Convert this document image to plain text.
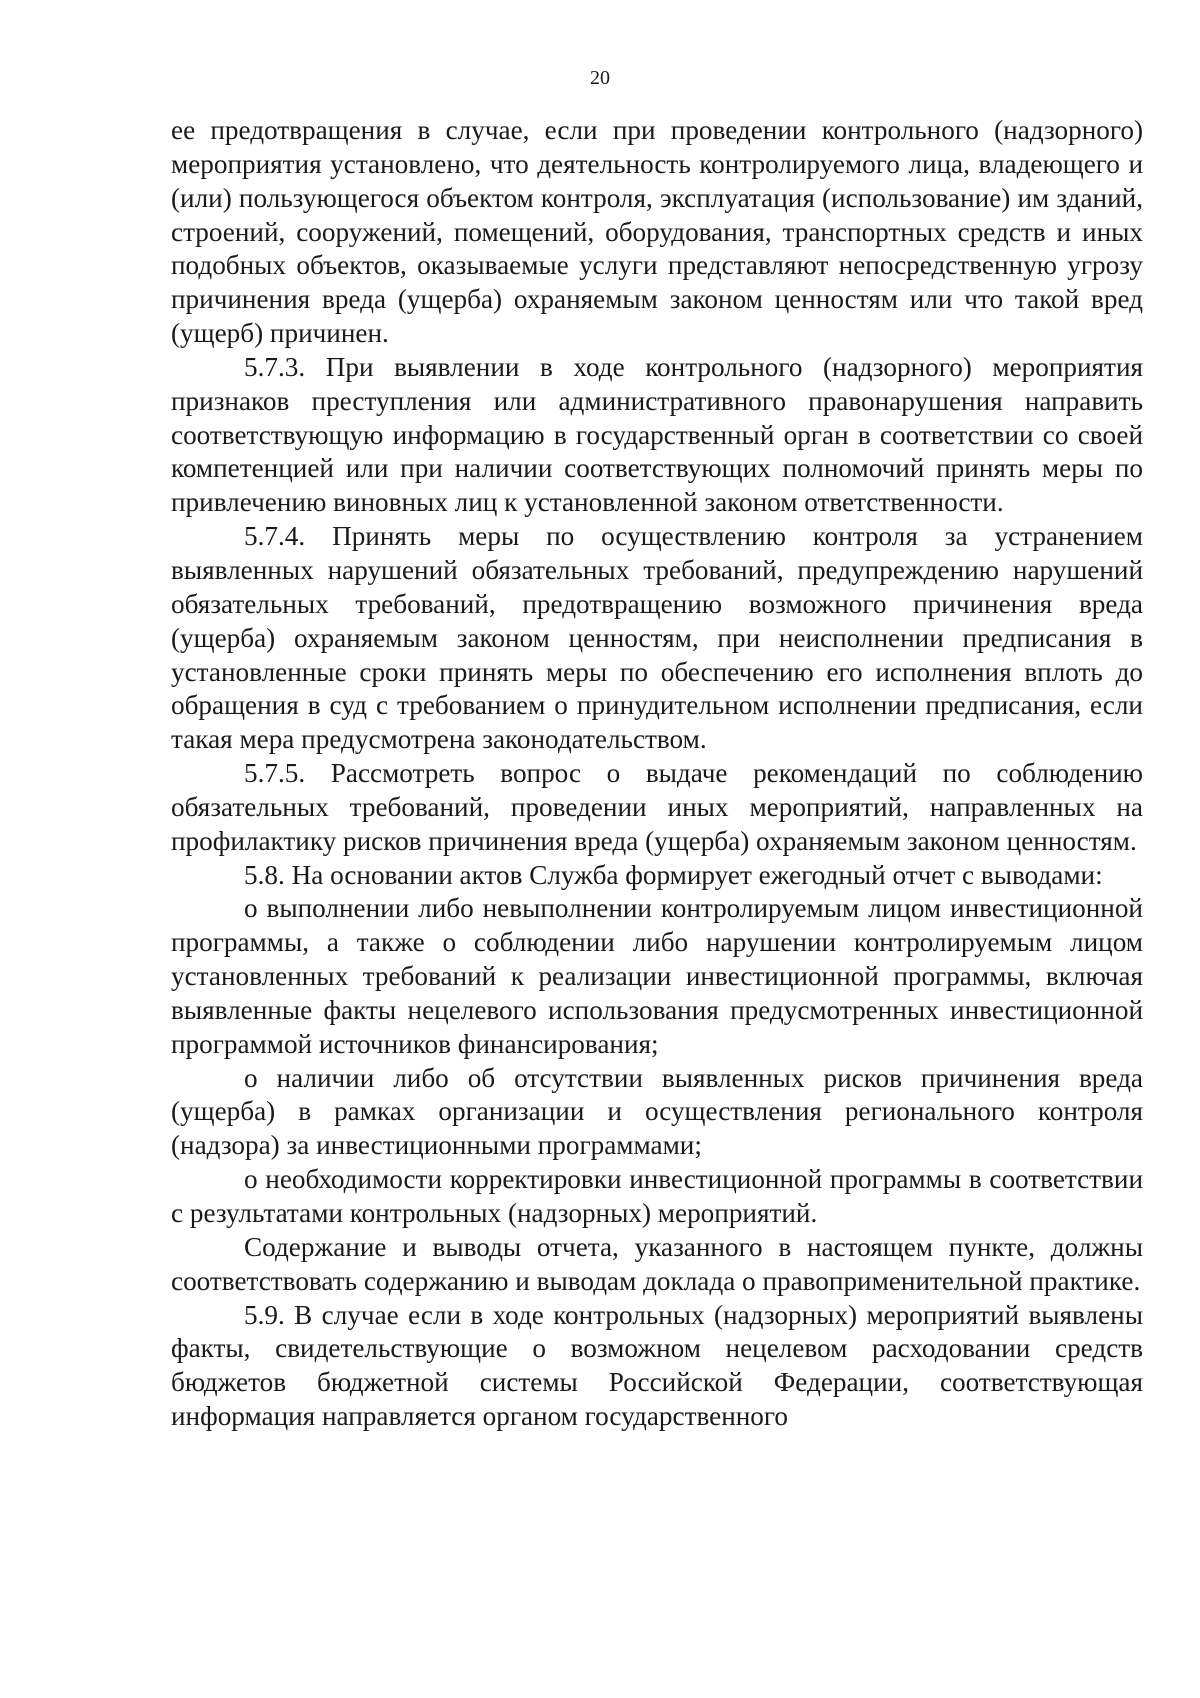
20

ее предотвращения в случае, если при проведении контрольного (надзорного) мероприятия установлено, что деятельность контролируемого лица, владеющего и (или) пользующегося объектом контроля, эксплуатация (использование) им зданий, строений, сооружений, помещений, оборудования, транспортных средств и иных подобных объектов, оказываемые услуги представляют непосредственную угрозу причинения вреда (ущерба) охраняемым законом ценностям или что такой вред (ущерб) причинен.

5.7.3. При выявлении в ходе контрольного (надзорного) мероприятия признаков преступления или административного правонарушения направить соответствующую информацию в государственный орган в соответствии со своей компетенцией или при наличии соответствующих полномочий принять меры по привлечению виновных лиц к установленной законом ответственности.

5.7.4. Принять меры по осуществлению контроля за устранением выявленных нарушений обязательных требований, предупреждению нарушений обязательных требований, предотвращению возможного причинения вреда (ущерба) охраняемым законом ценностям, при неисполнении предписания в установленные сроки принять меры по обеспечению его исполнения вплоть до обращения в суд с требованием о принудительном исполнении предписания, если такая мера предусмотрена законодательством.

5.7.5. Рассмотреть вопрос о выдаче рекомендаций по соблюдению обязательных требований, проведении иных мероприятий, направленных на профилактику рисков причинения вреда (ущерба) охраняемым законом ценностям.

5.8. На основании актов Служба формирует ежегодный отчет с выводами:

о выполнении либо невыполнении контролируемым лицом инвестиционной программы, а также о соблюдении либо нарушении контролируемым лицом установленных требований к реализации инвестиционной программы, включая выявленные факты нецелевого использования предусмотренных инвестиционной программой источников финансирования;

о наличии либо об отсутствии выявленных рисков причинения вреда (ущерба) в рамках организации и осуществления регионального контроля (надзора) за инвестиционными программами;

о необходимости корректировки инвестиционной программы в соответствии с результатами контрольных (надзорных) мероприятий.

Содержание и выводы отчета, указанного в настоящем пункте, должны соответствовать содержанию и выводам доклада о правоприменительной практике.

5.9. В случае если в ходе контрольных (надзорных) мероприятий выявлены факты, свидетельствующие о возможном нецелевом расходовании средств бюджетов бюджетной системы Российской Федерации, соответствующая информация направляется органом государственного
